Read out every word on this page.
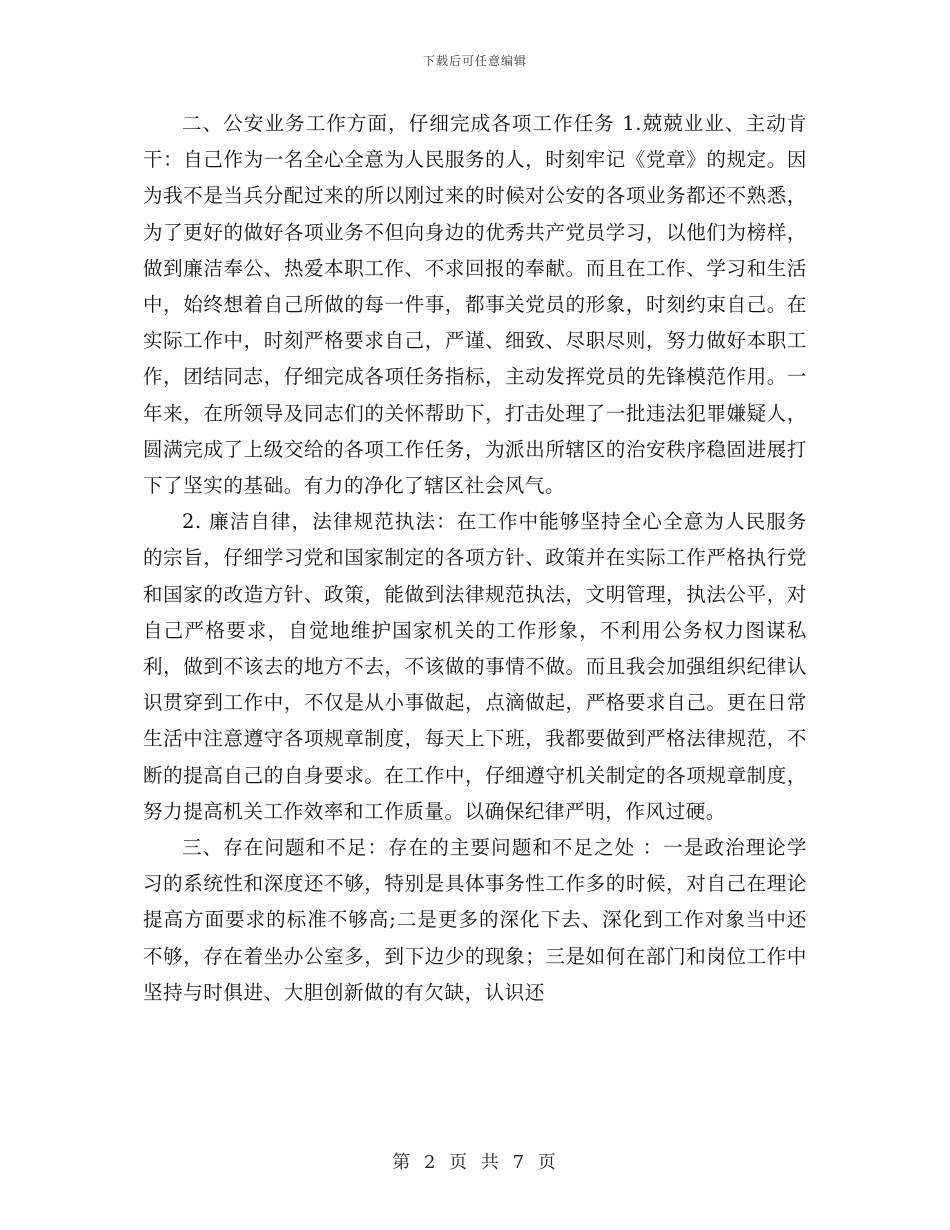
下载后可任意编辑

二、公安业务工作方面，仔细完成各项工作任务 1.兢兢业业、主动肯干：自己作为一名全心全意为人民服务的人，时刻牢记《党章》的规定。因为我不是当兵分配过来的所以刚过来的时候对公安的各项业务都还不熟悉，为了更好的做好各项业务不但向身边的优秀共产党员学习，以他们为榜样，做到廉洁奉公、热爱本职工作、不求回报的奉献。而且在工作、学习和生活中，始终想着自己所做的每一件事，都事关党员的形象，时刻约束自己。在实际工作中，时刻严格要求自己，严谨、细致、尽职尽则，努力做好本职工作，团结同志，仔细完成各项任务指标，主动发挥党员的先锋模范作用。一年来，在所领导及同志们的关怀帮助下，打击处理了一批违法犯罪嫌疑人，圆满完成了上级交给的各项工作任务，为派出所辖区的治安秩序稳固进展打下了坚实的基础。有力的净化了辖区社会风气。

2. 廉洁自律，法律规范执法：在工作中能够坚持全心全意为人民服务的宗旨，仔细学习党和国家制定的各项方针、政策并在实际工作严格执行党和国家的改造方针、政策，能做到法律规范执法，文明管理，执法公平，对自己严格要求，自觉地维护国家机关的工作形象，不利用公务权力图谋私利，做到不该去的地方不去，不该做的事情不做。而且我会加强组织纪律认识贯穿到工作中，不仅是从小事做起，点滴做起，严格要求自己。更在日常生活中注意遵守各项规章制度，每天上下班，我都要做到严格法律规范，不断的提高自己的自身要求。在工作中，仔细遵守机关制定的各项规章制度，努力提高机关工作效率和工作质量。以确保纪律严明，作风过硬。

三、存在问题和不足：存在的主要问题和不足之处 ：一是政治理论学习的系统性和深度还不够，特别是具体事务性工作多的时候，对自己在理论提高方面要求的标准不够高;二是更多的深化下去、深化到工作对象当中还不够，存在着坐办公室多，到下边少的现象；三是如何在部门和岗位工作中坚持与时俱进、大胆创新做的有欠缺，认识还

第 2 页 共 7 页
